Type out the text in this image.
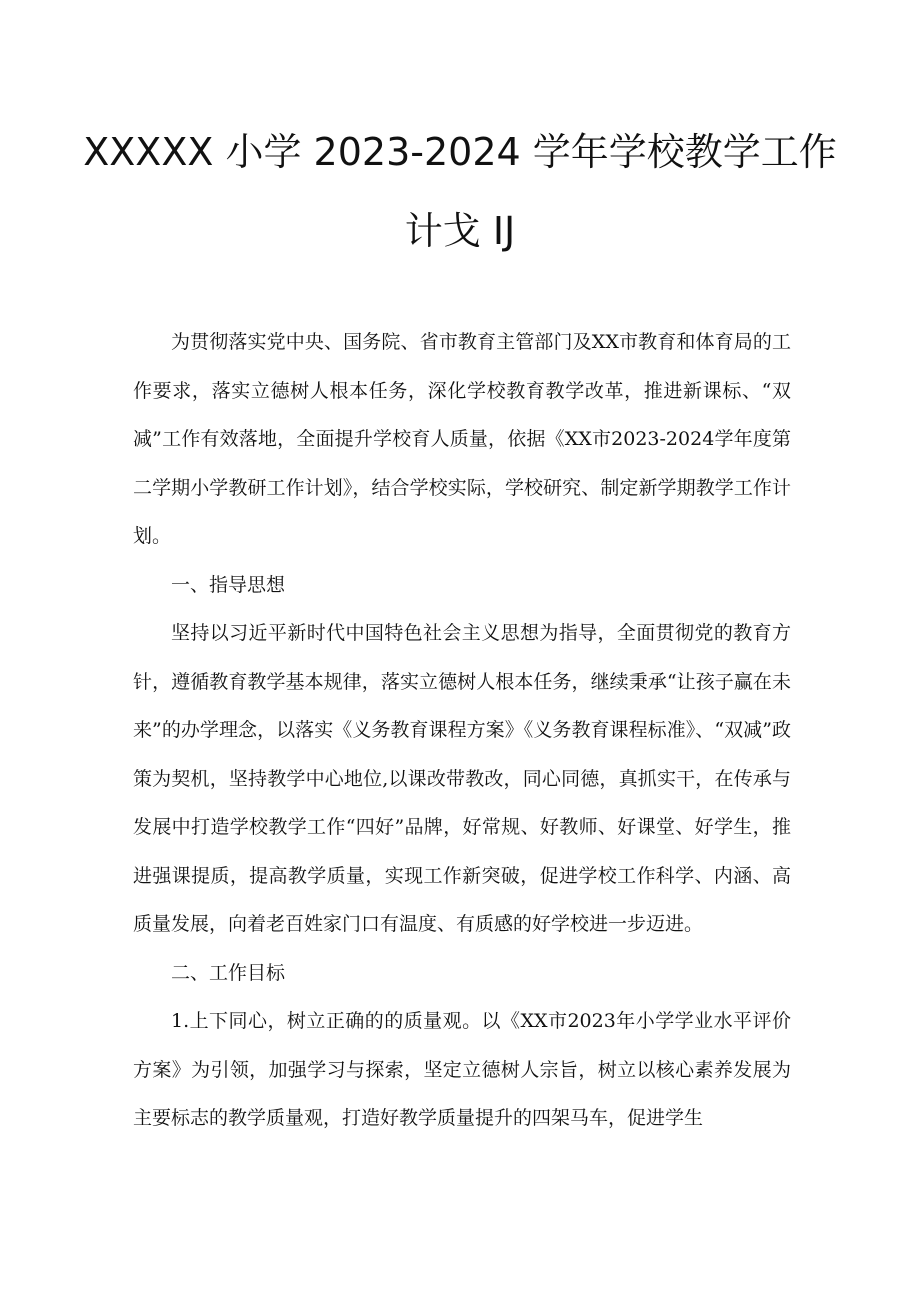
XXXXX 小学 2023-2024 学年学校教学工作
计戈 IJ

为贯彻落实党中央、国务院、省市教育主管部门及XX市教育和体育局的工作要求，落实立德树人根本任务，深化学校教育教学改革，推进新课标、“双减”工作有效落地，全面提升学校育人质量，依据《XX市2023-2024学年度第二学期小学教研工作计划》，结合学校实际，学校研究、制定新学期教学工作计划。

一、指导思想

坚持以习近平新时代中国特色社会主义思想为指导，全面贯彻党的教育方针，遵循教育教学基本规律，落实立德树人根本任务，继续秉承“让孩子赢在未来”的办学理念，以落实《义务教育课程方案》《义务教育课程标准》、“双减”政策为契机，坚持教学中心地位,以课改带教改，同心同德，真抓实干，在传承与发展中打造学校教学工作“四好”品牌，好常规、好教师、好课堂、好学生，推进强课提质，提高教学质量，实现工作新突破，促进学校工作科学、内涵、高质量发展，向着老百姓家门口有温度、有质感的好学校进一步迈进。

二、工作目标

1.上下同心，树立正确的的质量观。以《XX市2023年小学学业水平评价方案》为引领，加强学习与探索，坚定立德树人宗旨，树立以核心素养发展为主要标志的教学质量观，打造好教学质量提升的四架马车，促进学生
